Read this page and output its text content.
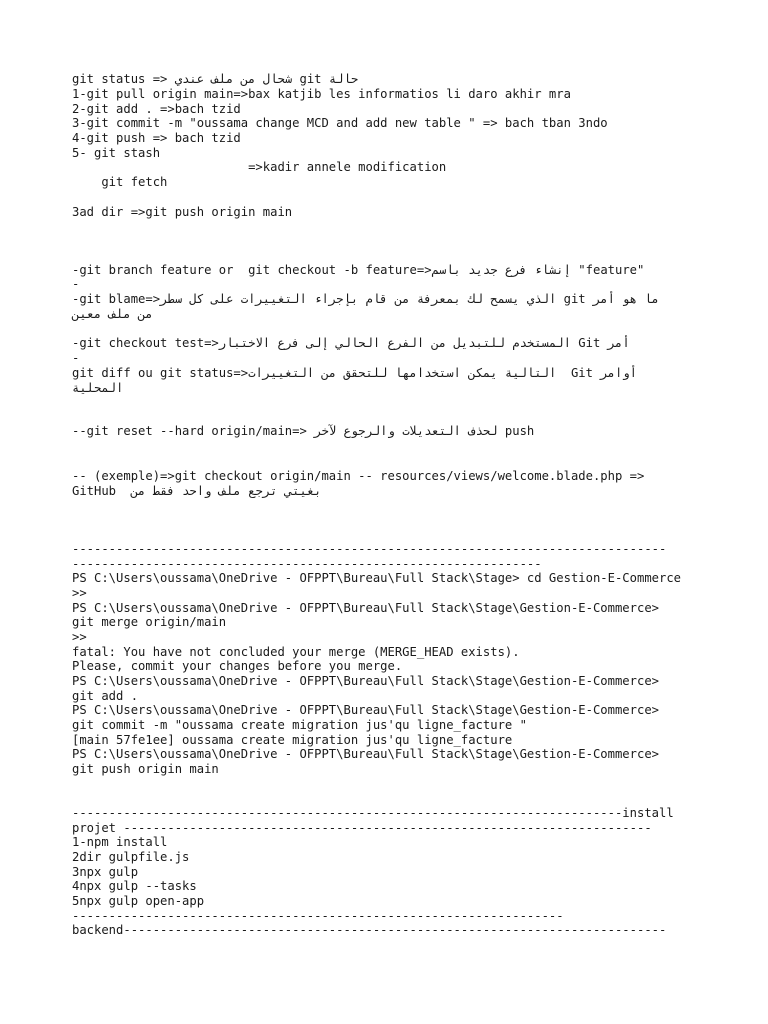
git status => شحال من ملف عندي git حالة
1-git pull origin main=>bax katjib les informatios li daro akhir mra
2-git add . =>bach tzid
3-git commit -m "oussama change MCD and add new table " => bach tban 3ndo
4-git push => bach tzid
5- git stash
=>kadir annele modification
git fetch
3ad dir =>git push origin main
-git branch feature or  git checkout -b feature=>إنشاء فرع جديد باسم "feature"
-
-git blame=>الذي يسمح لك بمعرفة من قام بإجراء التغييرات على كل سطر git ما هو أمر
من ملف معين
-git checkout test=>المستخدم للتبديل من الفرع الحالي إلى فرع الاختبار Git أمر
-
git diff ou git status=>التالية يمكن استخدامها للتحقق من التغييرات  Git أوامر
المحلية
--git reset --hard origin/main=> لحذف التعديلات والرجوع لآخر push
-- (exemple)=>git checkout origin/main -- resources/views/welcome.blade.php =>
بغيتي ترجع ملف واحد فقط من  GitHub
---------------------------------------------------------------------------------
----------------------------------------------------------------
PS C:\Users\oussama\OneDrive - OFPPT\Bureau\Full Stack\Stage> cd Gestion-E-Commerce
>>
PS C:\Users\oussama\OneDrive - OFPPT\Bureau\Full Stack\Stage\Gestion-E-Commerce>
git merge origin/main
>>
fatal: You have not concluded your merge (MERGE_HEAD exists).
Please, commit your changes before you merge.
PS C:\Users\oussama\OneDrive - OFPPT\Bureau\Full Stack\Stage\Gestion-E-Commerce>
git add .
PS C:\Users\oussama\OneDrive - OFPPT\Bureau\Full Stack\Stage\Gestion-E-Commerce>
git commit -m "oussama create migration jus'qu ligne_facture "
[main 57fe1ee] oussama create migration jus'qu ligne_facture
PS C:\Users\oussama\OneDrive - OFPPT\Bureau\Full Stack\Stage\Gestion-E-Commerce>
git push origin main
---------------------------------------------------------------------------install
projet ------------------------------------------------------------------------
1-npm install
2dir gulpfile.js
3npx gulp
4npx gulp --tasks
5npx gulp open-app
-------------------------------------------------------------------
backend--------------------------------------------------------------------------
